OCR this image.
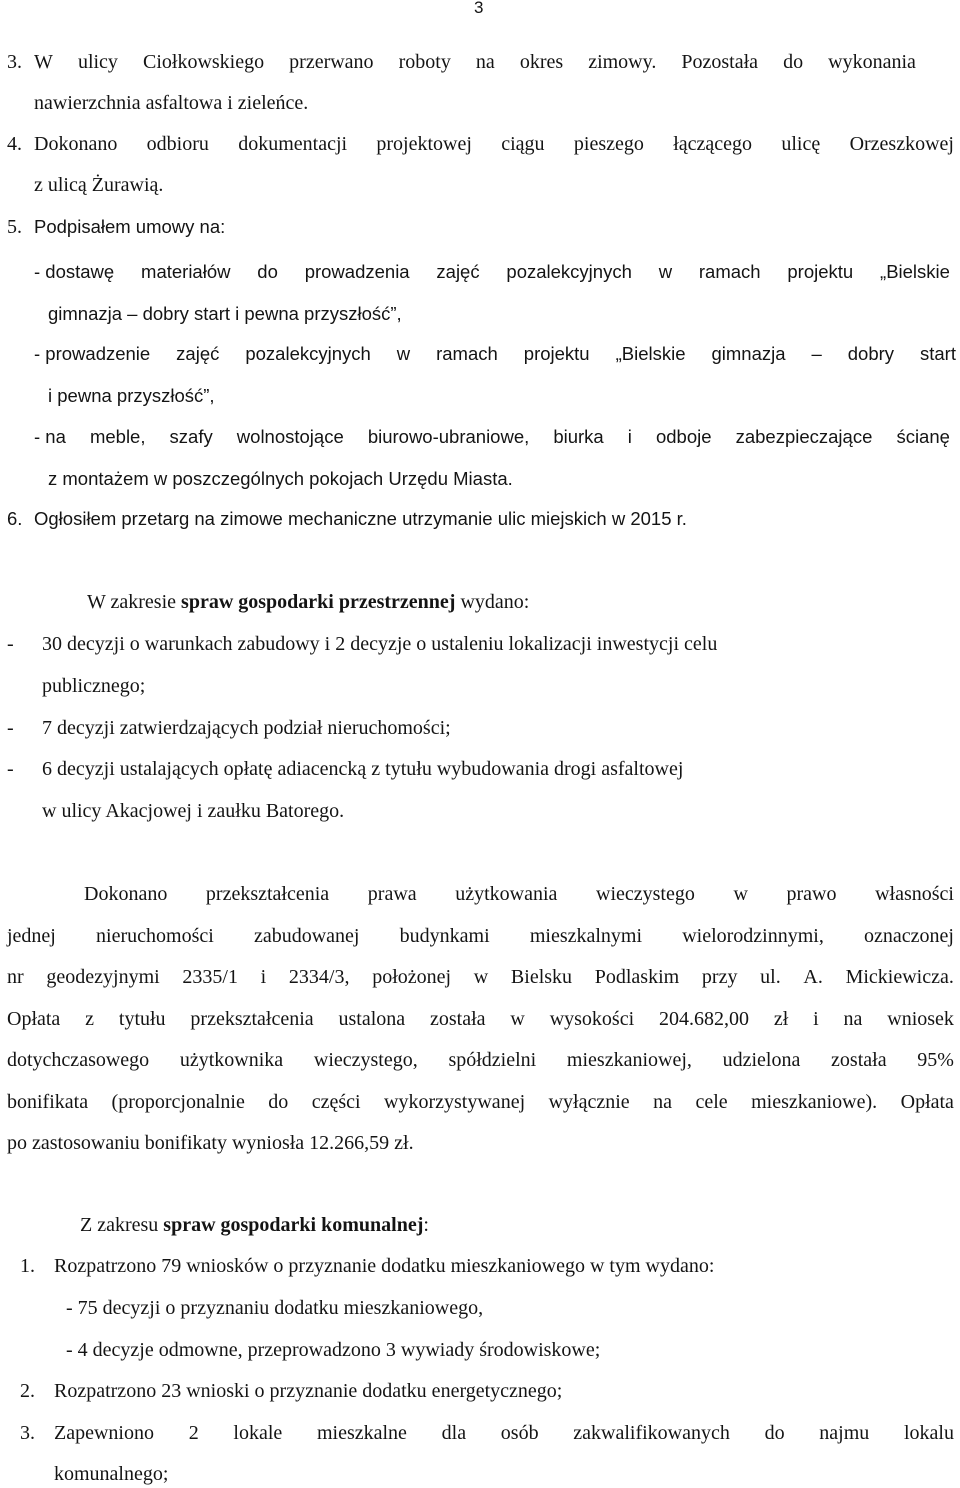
3
3. W ulicy Ciołkowskiego przerwano roboty na okres zimowy. Pozostała do wykonania
nawierzchnia asfaltowa i zieleńce.
4. Dokonano odbioru dokumentacji projektowej ciągu pieszego łączącego ulicę Orzeszkowej
z ulicą Żurawią.
5. Podpisałem umowy na:
- dostawę materiałów do prowadzenia zajęć pozalekcyjnych w ramach projektu „Bielskie
gimnazja – dobry start i pewna przyszłość”,
- prowadzenie zajęć pozalekcyjnych w ramach projektu „Bielskie gimnazja – dobry start
i pewna przyszłość”,
- na meble, szafy wolnostojące biurowo-ubraniowe, biurka i odboje zabezpieczające ścianę
z montażem w poszczególnych pokojach Urzędu Miasta.
6. Ogłosiłem przetarg na zimowe mechaniczne utrzymanie ulic miejskich w 2015 r.
W zakresie spraw gospodarki przestrzennej wydano:
- 30 decyzji o warunkach zabudowy i 2 decyzje o ustaleniu lokalizacji inwestycji celu
publicznego;
- 7 decyzji zatwierdzających podział nieruchomości;
- 6 decyzji ustalających opłatę adiacencką z tytułu wybudowania drogi asfaltowej
w ulicy Akacjowej i zaułku Batorego.
Dokonano przekształcenia prawa użytkowania wieczystego w prawo własności
jednej nieruchomości zabudowanej budynkami mieszkalnymi wielorodzinnymi, oznaczonej
nr geodezyjnymi 2335/1 i 2334/3, położonej w Bielsku Podlaskim przy ul. A. Mickiewicza.
Opłata z tytułu przekształcenia ustalona została w wysokości 204.682,00 zł i na wniosek
dotychczasowego użytkownika wieczystego, spółdzielni mieszkaniowej, udzielona została 95%
bonifikata (proporcjonalnie do części wykorzystywanej wyłącznie na cele mieszkaniowe). Opłata
po zastosowaniu bonifikaty wyniosła 12.266,59 zł.
Z zakresu spraw gospodarki komunalnej:
1. Rozpatrzono 79 wniosków o przyznanie dodatku mieszkaniowego w tym wydano:
- 75 decyzji o przyznaniu dodatku mieszkaniowego,
- 4 decyzje odmowne, przeprowadzono 3 wywiady środowiskowe;
2. Rozpatrzono 23 wnioski o przyznanie dodatku energetycznego;
3. Zapewniono 2 lokale mieszkalne dla osób zakwalifikowanych do najmu lokalu
komunalnego;
